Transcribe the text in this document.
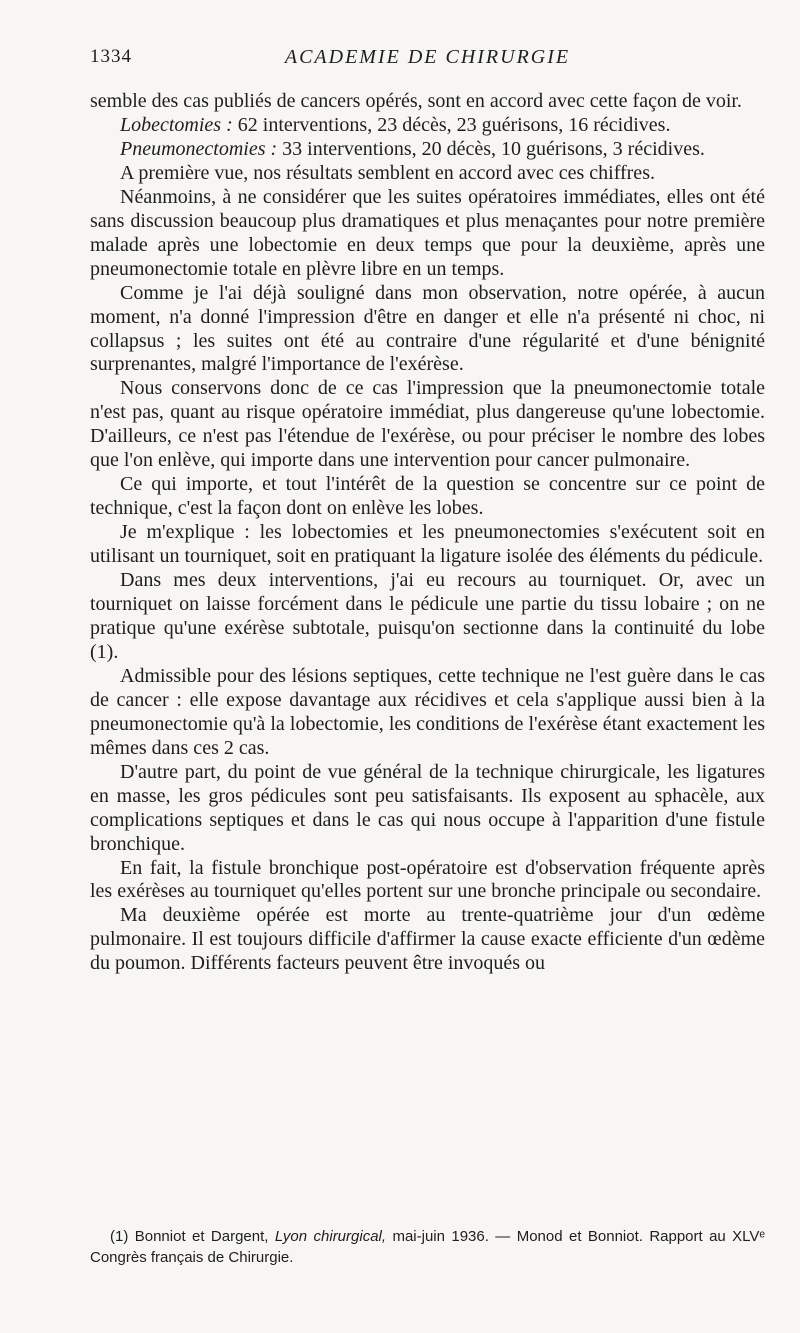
1334	ACADEMIE DE CHIRURGIE

semble des cas publiés de cancers opérés, sont en accord avec cette façon de voir.

Lobectomies : 62 interventions, 23 décès, 23 guérisons, 16 récidives.

Pneumonectomies : 33 interventions, 20 décès, 10 guérisons, 3 récidives.

A première vue, nos résultats semblent en accord avec ces chiffres.

Néanmoins, à ne considérer que les suites opératoires immédiates, elles ont été sans discussion beaucoup plus dramatiques et plus menaçantes pour notre première malade après une lobectomie en deux temps que pour la deuxième, après une pneumonectomie totale en plèvre libre en un temps.

Comme je l'ai déjà souligné dans mon observation, notre opérée, à aucun moment, n'a donné l'impression d'être en danger et elle n'a présenté ni choc, ni collapsus ; les suites ont été au contraire d'une régularité et d'une bénignité surprenantes, malgré l'importance de l'exérèse.

Nous conservons donc de ce cas l'impression que la pneumonectomie totale n'est pas, quant au risque opératoire immédiat, plus dangereuse qu'une lobectomie. D'ailleurs, ce n'est pas l'étendue de l'exérèse, ou pour préciser le nombre des lobes que l'on enlève, qui importe dans une intervention pour cancer pulmonaire.

Ce qui importe, et tout l'intérêt de la question se concentre sur ce point de technique, c'est la façon dont on enlève les lobes.

Je m'explique : les lobectomies et les pneumonectomies s'exécutent soit en utilisant un tourniquet, soit en pratiquant la ligature isolée des éléments du pédicule.

Dans mes deux interventions, j'ai eu recours au tourniquet. Or, avec un tourniquet on laisse forcément dans le pédicule une partie du tissu lobaire ; on ne pratique qu'une exérèse subtotale, puisqu'on sectionne dans la continuité du lobe (1).

Admissible pour des lésions septiques, cette technique ne l'est guère dans le cas de cancer : elle expose davantage aux récidives et cela s'applique aussi bien à la pneumonectomie qu'à la lobectomie, les conditions de l'exérèse étant exactement les mêmes dans ces 2 cas.

D'autre part, du point de vue général de la technique chirurgicale, les ligatures en masse, les gros pédicules sont peu satisfaisants. Ils exposent au sphacèle, aux complications septiques et dans le cas qui nous occupe à l'apparition d'une fistule bronchique.

En fait, la fistule bronchique post-opératoire est d'observation fréquente après les exérèses au tourniquet qu'elles portent sur une bronche principale ou secondaire.

Ma deuxième opérée est morte au trente-quatrième jour d'un œdème pulmonaire. Il est toujours difficile d'affirmer la cause exacte efficiente d'un œdème du poumon. Différents facteurs peuvent être invoqués ou

(1) Bonniot et Dargent, Lyon chirurgical, mai-juin 1936. — Monod et Bonniot. Rapport au XLVᵉ Congrès français de Chirurgie.
